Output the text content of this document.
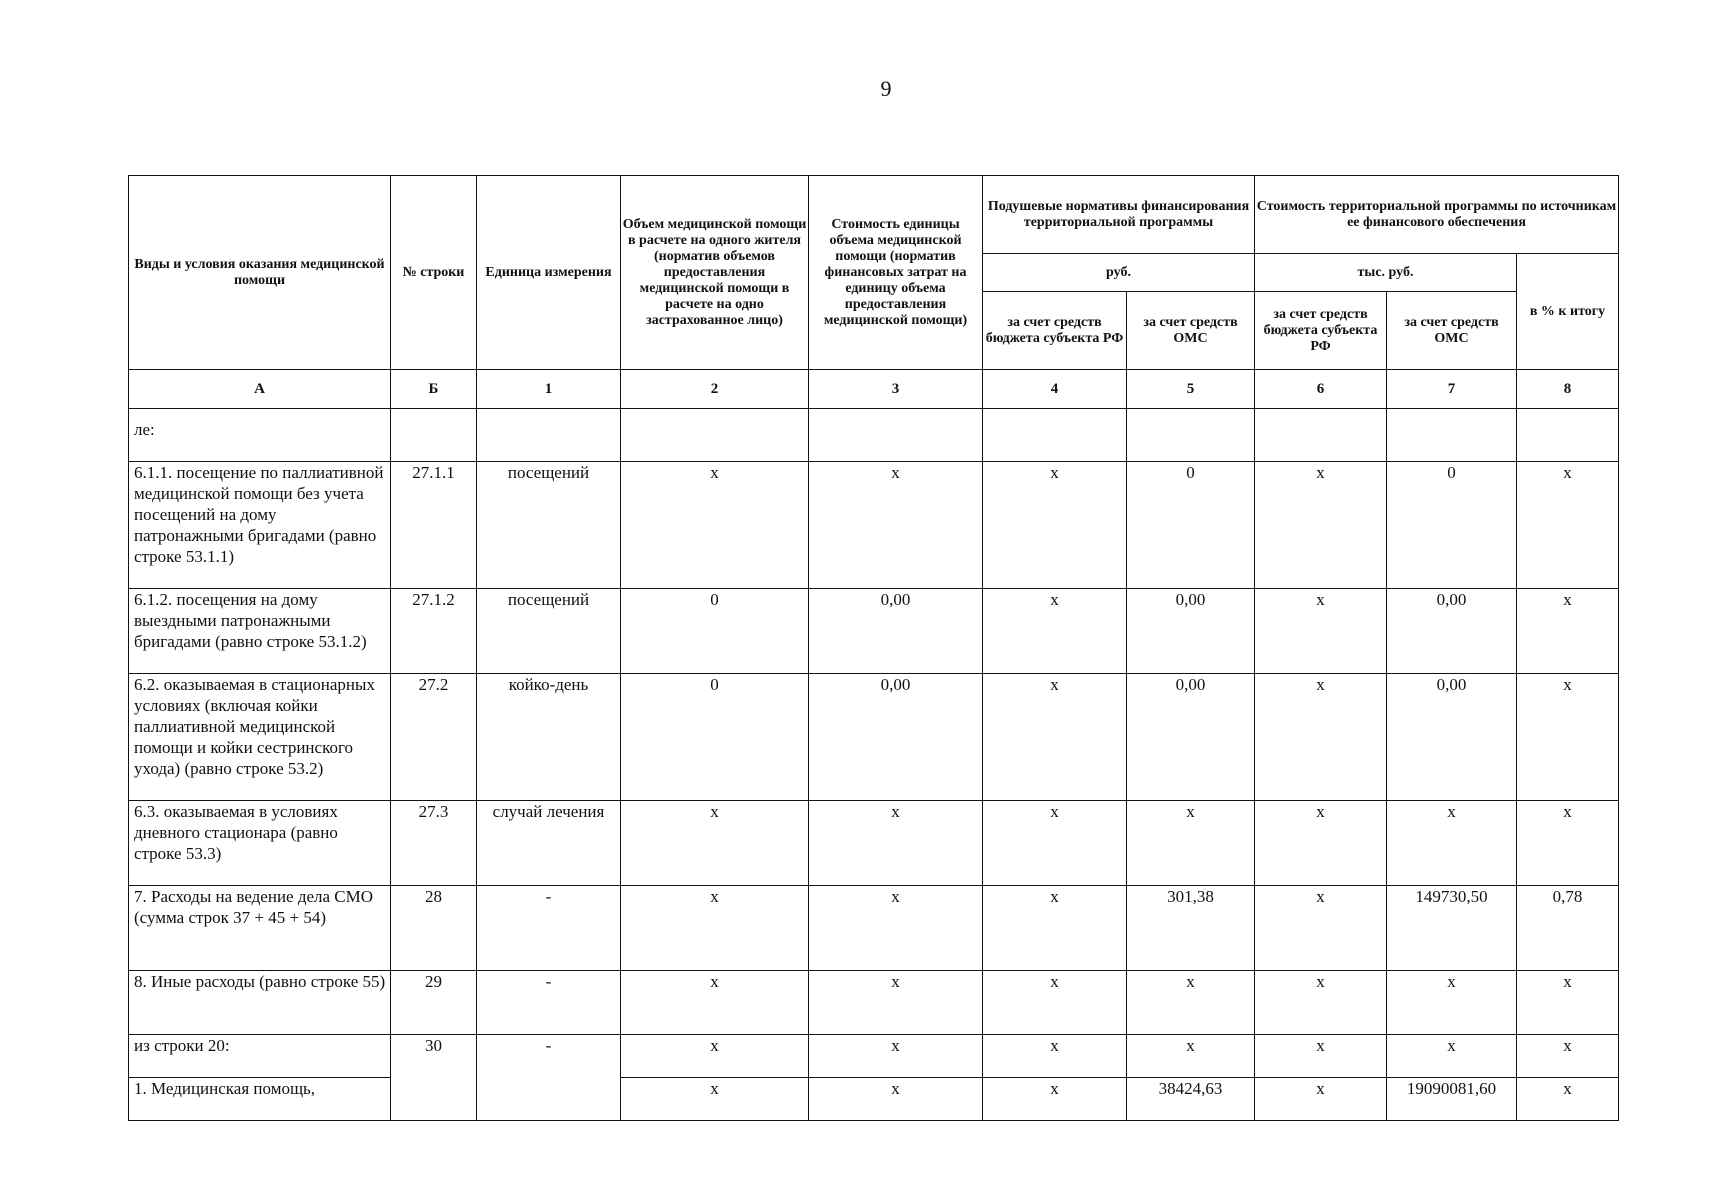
9
Виды и условия оказания медицинской помощи	№ строки	Единица измерения	Объем медицинской помощи в расчете на одного жителя (норматив объемов предоставления медицинской помощи в расчете на одно застрахованное лицо)	Стоимость единицы объема медицинской помощи (норматив финансовых затрат на единицу объема предоставления медицинской помощи)	Подушевые нормативы финансирования территориальной программы		Стоимость территориальной программы по источникам ее финансового обеспечения		
					руб.		тыс. руб.		в % к итогу
					за счет средств бюджета субъекта РФ	за счет средств ОМС	за счет средств бюджета субъекта РФ	за счет средств ОМС	
А	Б	1	2	3	4	5	6	7	8
ле:									
6.1.1. посещение по паллиативной медицинской помощи без учета посещений на дому патронажными бригадами (равно строке 53.1.1)	27.1.1	посещений	x	x	x	0	x	0	x
6.1.2. посещения на дому выездными патронажными бригадами (равно строке 53.1.2)	27.1.2	посещений	0	0,00	x	0,00	x	0,00	x
6.2. оказываемая в стационарных условиях (включая койки паллиативной медицинской помощи и койки сестринского ухода) (равно строке 53.2)	27.2	койко-день	0	0,00	x	0,00	x	0,00	x
6.3. оказываемая в условиях дневного стационара (равно строке 53.3)	27.3	случай лечения	x	x	x	x	x	x	x
7. Расходы на ведение дела СМО (сумма строк 37 + 45 + 54)	28	-	x	x	x	301,38	x	149730,50	0,78
8. Иные расходы (равно строке 55)	29	-	x	x	x	x	x	x	x
из строки 20:	30	-	x	x	x	x	x	x	x
1. Медицинская помощь,			x	x	x	38424,63	x	19090081,60	x
